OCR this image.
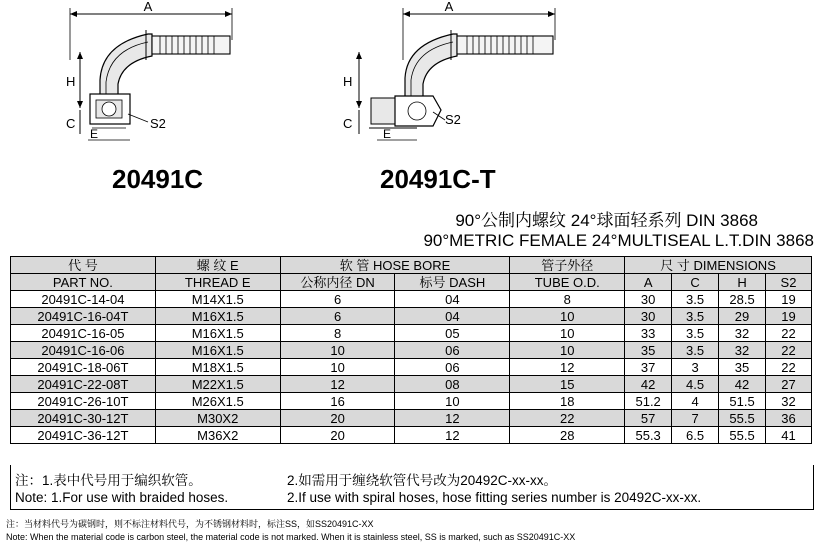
A
H
C
E
S2
20491C
A
H
C
E
S2
20491C-T
90°公制内螺纹 24°球面轻系列 DIN 3868
90°METRIC FEMALE 24°MULTISEAL L.T.DIN 3868
代 号	螺 纹 E	软 管 HOSE BORE		管子外径	尺 寸 DIMENSIONS			
PART NO.	THREAD E	公称内径 DN	标号 DASH	TUBE O.D.	A	C	H	S2
20491C-14-04	M14X1.5	6	04	8	30	3.5	28.5	19
20491C-16-04T	M16X1.5	6	04	10	30	3.5	29	19
20491C-16-05	M16X1.5	8	05	10	33	3.5	32	22
20491C-16-06	M16X1.5	10	06	10	35	3.5	32	22
20491C-18-06T	M18X1.5	10	06	12	37	3	35	22
20491C-22-08T	M22X1.5	12	08	15	42	4.5	42	27
20491C-26-10T	M26X1.5	16	10	18	51.2	4	51.5	32
20491C-30-12T	M30X2	20	12	22	57	7	55.5	36
20491C-36-12T	M36X2	20	12	28	55.3	6.5	55.5	41
注：1.表中代号用于编织软管。	2.如需用于缠绕软管代号改为20492C-xx-xx。
Note: 1.For use with braided hoses.	2.If use with spiral hoses, hose fitting series number is 20492C-xx-xx.
注：当材料代号为碳钢时，则不标注材料代号，为不锈钢材料时，标注SS，如SS20491C-XX
Note: When the material code is carbon steel, the material code is not marked. When it is stainless steel, SS is marked, such as SS20491C-XX
